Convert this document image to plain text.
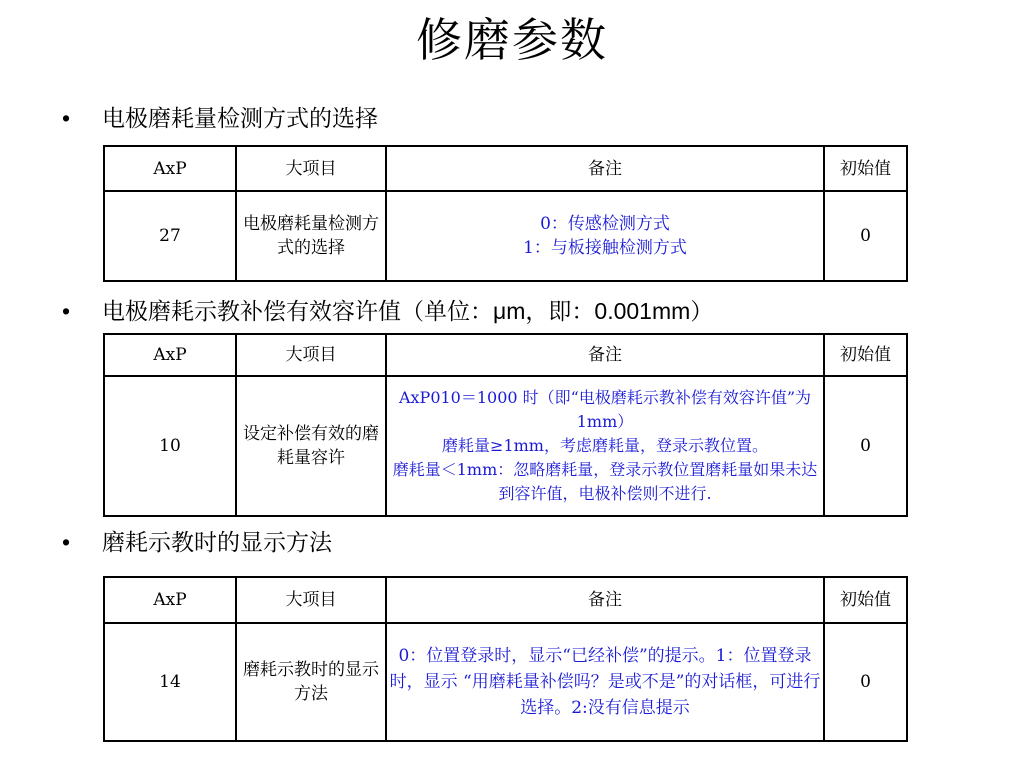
修磨参数
• 电极磨耗量检测方式的选择
AxP	大项目	备注	初始值
27	电极磨耗量检测方式的选择	0：传感检测方式
1：与板接触检测方式	0
• 电极磨耗示教补偿有效容许值（单位：μm，即：0.001mm）
AxP	大项目	备注	初始值
10	设定补偿有效的磨耗量容许	AxP010＝1000 时（即“电极磨耗示教补偿有效容许值”为 1mm）
磨耗量≥1mm，考虑磨耗量，登录示教位置。
磨耗量＜1mm：忽略磨耗量，登录示教位置磨耗量如果未达到容许值，电极补偿则不进行.	0
• 磨耗示教时的显示方法
AxP	大项目	备注	初始值
14	磨耗示教时的显示方法	0：位置登录时，显示“已经补偿”的提示。1：位置登录时，显示 “用磨耗量补偿吗？是或不是”的对话框，可进行选择。2:没有信息提示	0
